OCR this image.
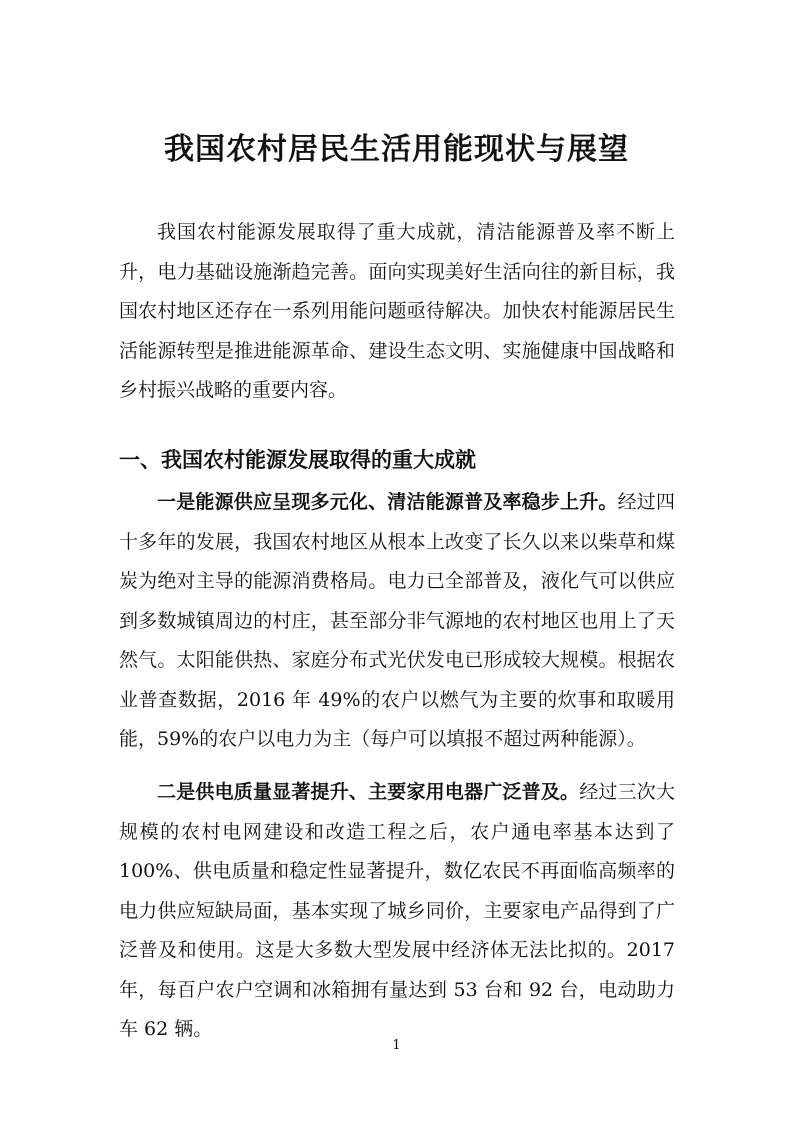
我国农村居民生活用能现状与展望

我国农村能源发展取得了重大成就，清洁能源普及率不断上升，电力基础设施渐趋完善。面向实现美好生活向往的新目标，我国农村地区还存在一系列用能问题亟待解决。加快农村能源居民生活能源转型是推进能源革命、建设生态文明、实施健康中国战略和乡村振兴战略的重要内容。

一、我国农村能源发展取得的重大成就

一是能源供应呈现多元化、清洁能源普及率稳步上升。经过四十多年的发展，我国农村地区从根本上改变了长久以来以柴草和煤炭为绝对主导的能源消费格局。电力已全部普及，液化气可以供应到多数城镇周边的村庄，甚至部分非气源地的农村地区也用上了天然气。太阳能供热、家庭分布式光伏发电已形成较大规模。根据农业普查数据，2016 年 49%的农户以燃气为主要的炊事和取暖用能，59%的农户以电力为主（每户可以填报不超过两种能源）。

二是供电质量显著提升、主要家用电器广泛普及。经过三次大规模的农村电网建设和改造工程之后，农户通电率基本达到了 100%、供电质量和稳定性显著提升，数亿农民不再面临高频率的电力供应短缺局面，基本实现了城乡同价，主要家电产品得到了广泛普及和使用。这是大多数大型发展中经济体无法比拟的。2017 年，每百户农户空调和冰箱拥有量达到 53 台和 92 台，电动助力车 62 辆。

1
